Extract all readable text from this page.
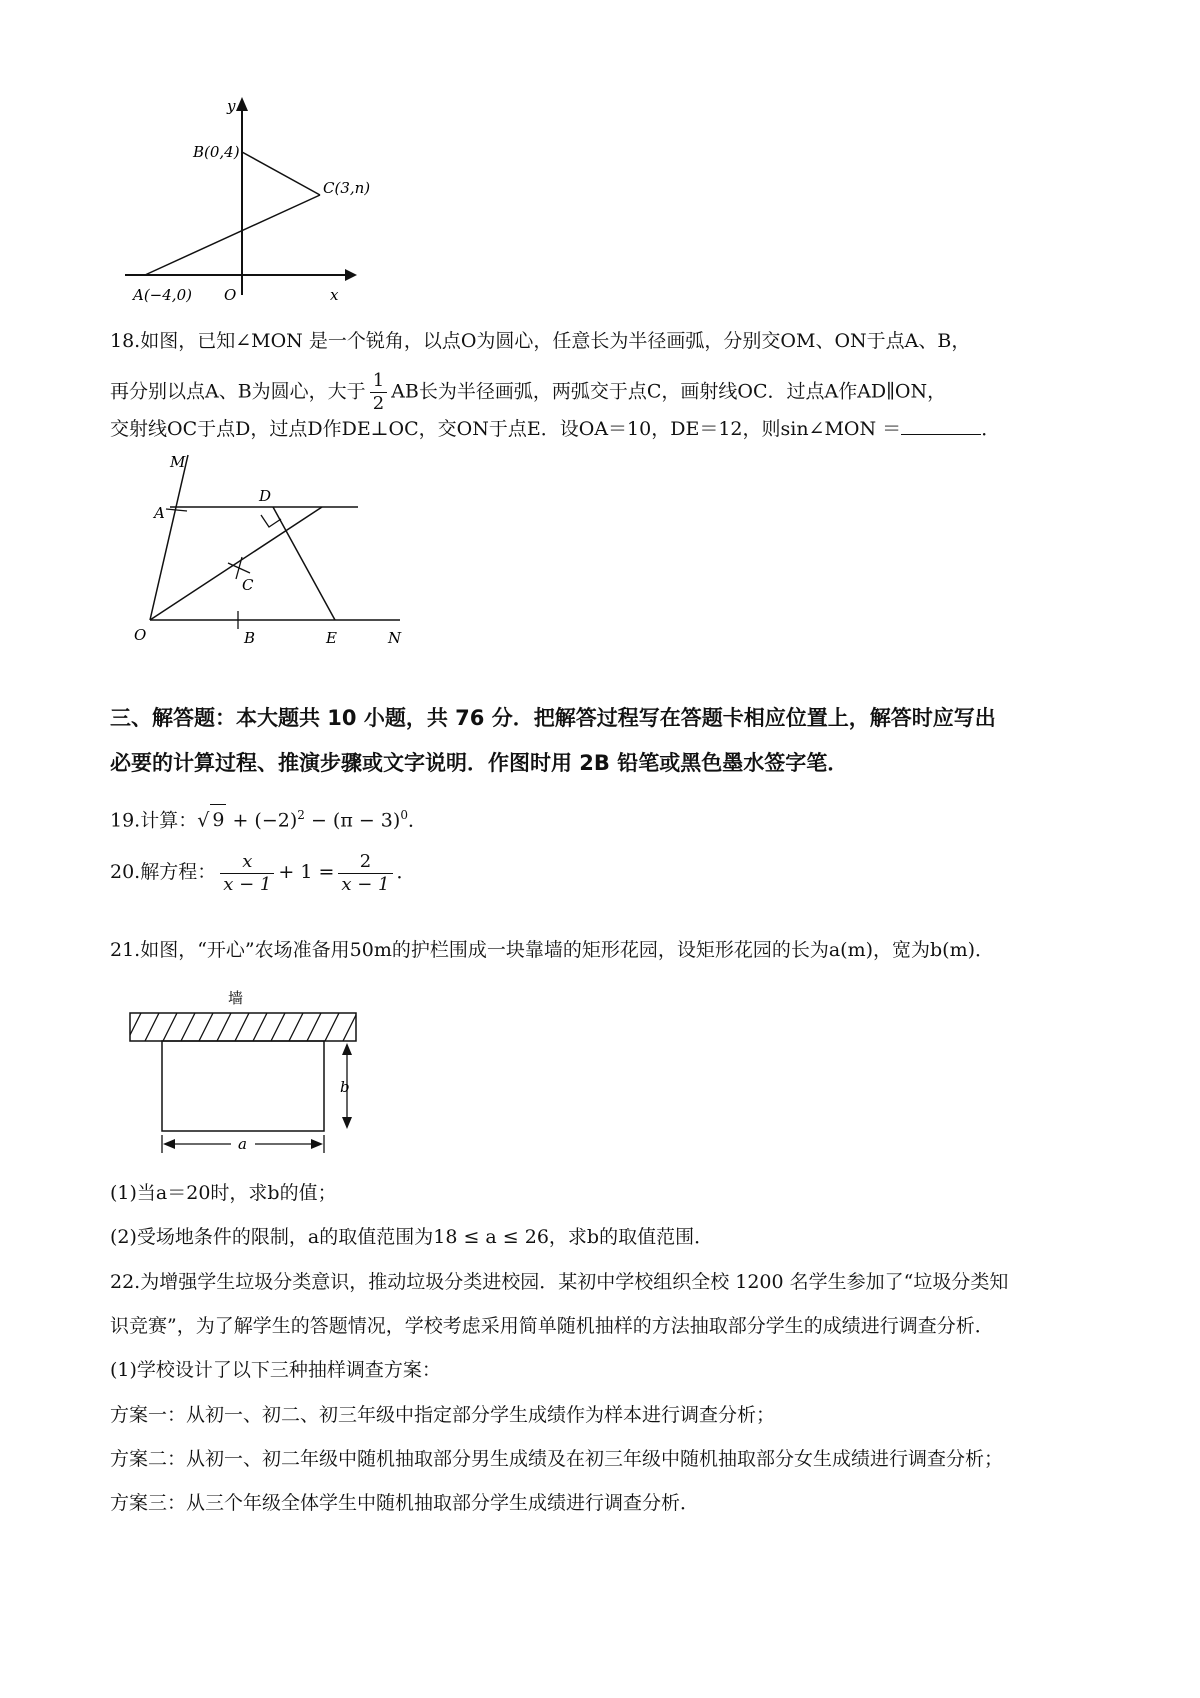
y
x
O
B(0,4)
C(3,n)
A(−4,0)
18.如图，已知∠MON 是一个锐角，以点O为圆心，任意长为半径画弧，分别交OM、ON于点A、B，
再分别以点A、B为圆心，大于 $\frac{1}{2}$ AB长为半径画弧，两弧交于点C，画射线OC．过点A作AD∥ON，
交射线OC于点D，过点D作DE⊥OC，交ON于点E．设OA＝10，DE＝12，则sin∠MON ＝	．
M
A
D
C
O	B	E	N
三、解答题：本大题共 10 小题，共 76 分．把解答过程写在答题卡相应位置上，解答时应写出
必要的计算过程、推演步骤或文字说明．作图时用 2B 铅笔或黑色墨水签字笔．
19.计算：√ $9 + (-2)^2 - (\pi - 3)^0$．
20.解方程： $\frac{x}{x - 1} + 1 = \frac{2}{x - 1}$ ．
21.如图，“开心”农场准备用50m的护栏围成一块靠墙的矩形花园，设矩形花园的长为a(m)，宽为b(m)．
墙
b
a
(1)当a＝20时，求b的值；
(2)受场地条件的限制，a的取值范围为18 ≤ a ≤ 26，求b的取值范围．
22.为增强学生垃圾分类意识，推动垃圾分类进校园．某初中学校组织全校 1200 名学生参加了“垃圾分类知
识竞赛”，为了解学生的答题情况，学校考虑采用简单随机抽样的方法抽取部分学生的成绩进行调查分析．
(1)学校设计了以下三种抽样调查方案：
方案一：从初一、初二、初三年级中指定部分学生成绩作为样本进行调查分析；
方案二：从初一、初二年级中随机抽取部分男生成绩及在初三年级中随机抽取部分女生成绩进行调查分析；
方案三：从三个年级全体学生中随机抽取部分学生成绩进行调查分析．
